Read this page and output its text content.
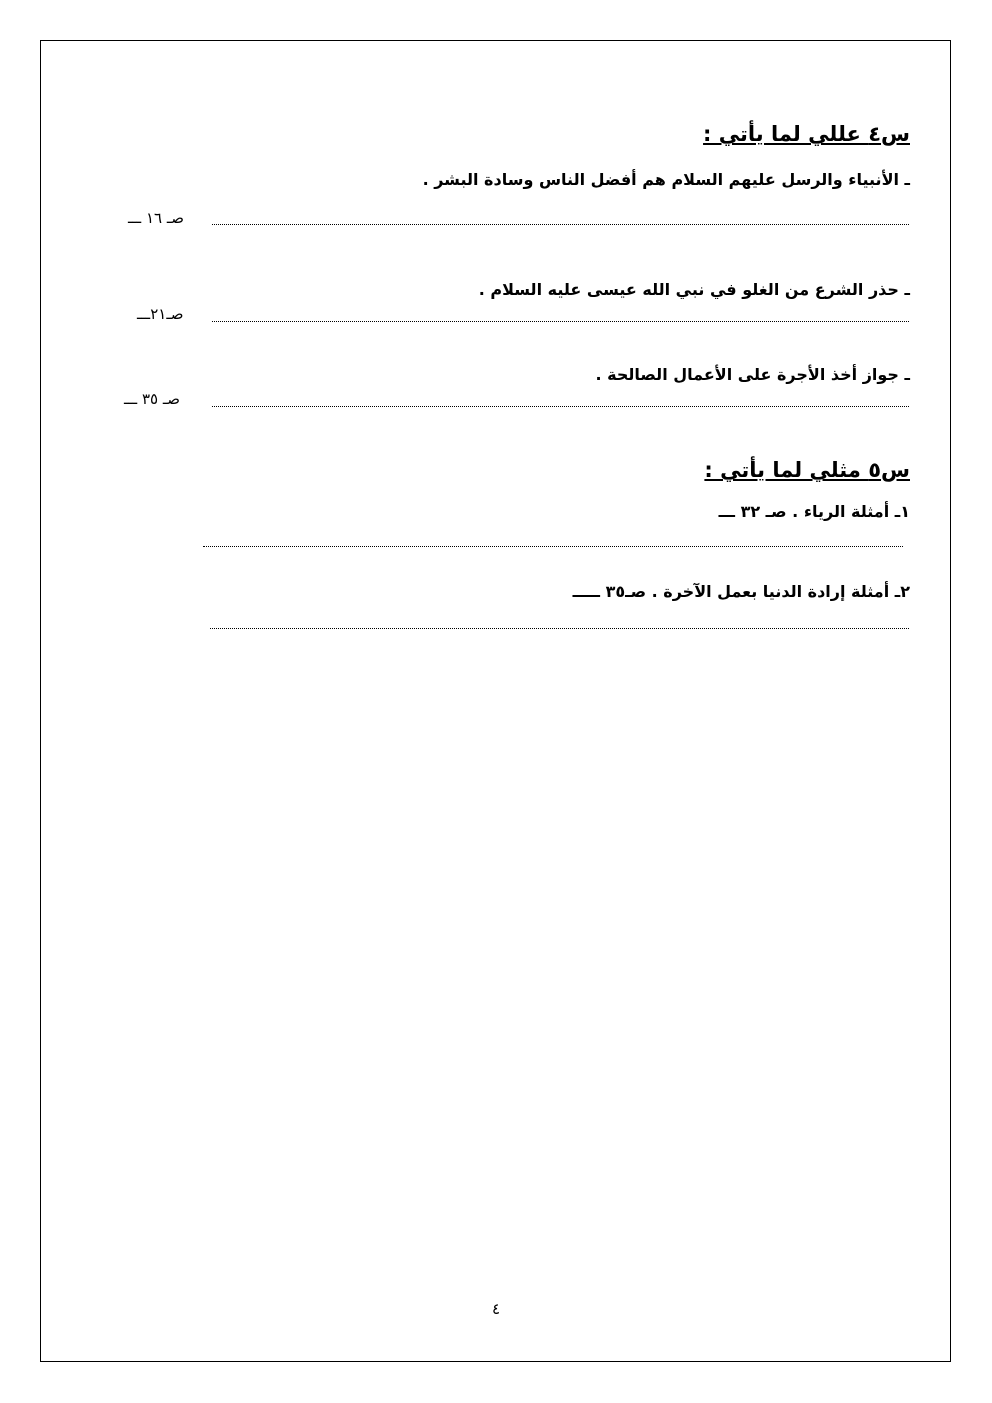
س٤ عللي لما يأتي :
ـ الأنبياء والرسل عليهم السلام هم أفضل الناس وسادة البشر .
صـ ١٦ ـــ
ـ حذر الشرع من الغلو في نبي الله عيسى عليه السلام .
صـ٢١ـــ
ـ جواز أخذ الأجرة على الأعمال الصالحة .
صـ ٣٥ ـــ
س٥ مثلي لما يأتي :
١ـ أمثلة الرياء . صـ ٣٢ ـــ
٢ـ أمثلة إرادة الدنيا بعمل الآخرة . صـ٣٥ ـــــ
٤
